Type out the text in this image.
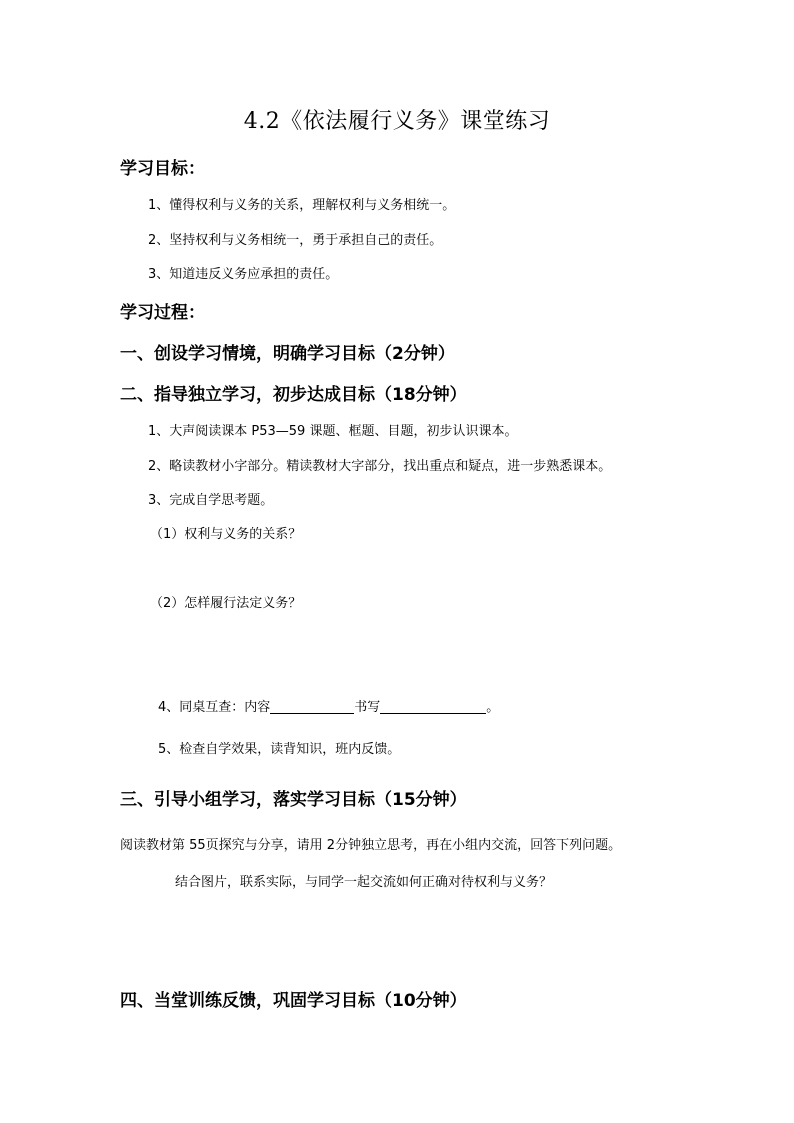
4.2《依法履行义务》课堂练习
学习目标：
1、懂得权利与义务的关系，理解权利与义务相统一。
2、坚持权利与义务相统一，勇于承担自己的责任。
3、知道违反义务应承担的责任。
学习过程：
一、创设学习情境，明确学习目标（2分钟）
二、指导独立学习，初步达成目标（18分钟）
1、大声阅读课本 P53—59 课题、框题、目题，初步认识课本。
2、略读教材小字部分。精读教材大字部分，找出重点和疑点，进一步熟悉课本。
3、完成自学思考题。
（1）权利与义务的关系？
（2）怎样履行法定义务？
4、同桌互查：内容	书写	。
5、检查自学效果，读背知识，班内反馈。
三、引导小组学习，落实学习目标（15分钟）
阅读教材第 55页探究与分享，请用 2分钟独立思考，再在小组内交流，回答下列问题。
结合图片，联系实际，与同学一起交流如何正确对待权利与义务？
四、当堂训练反馈，巩固学习目标（10分钟）
